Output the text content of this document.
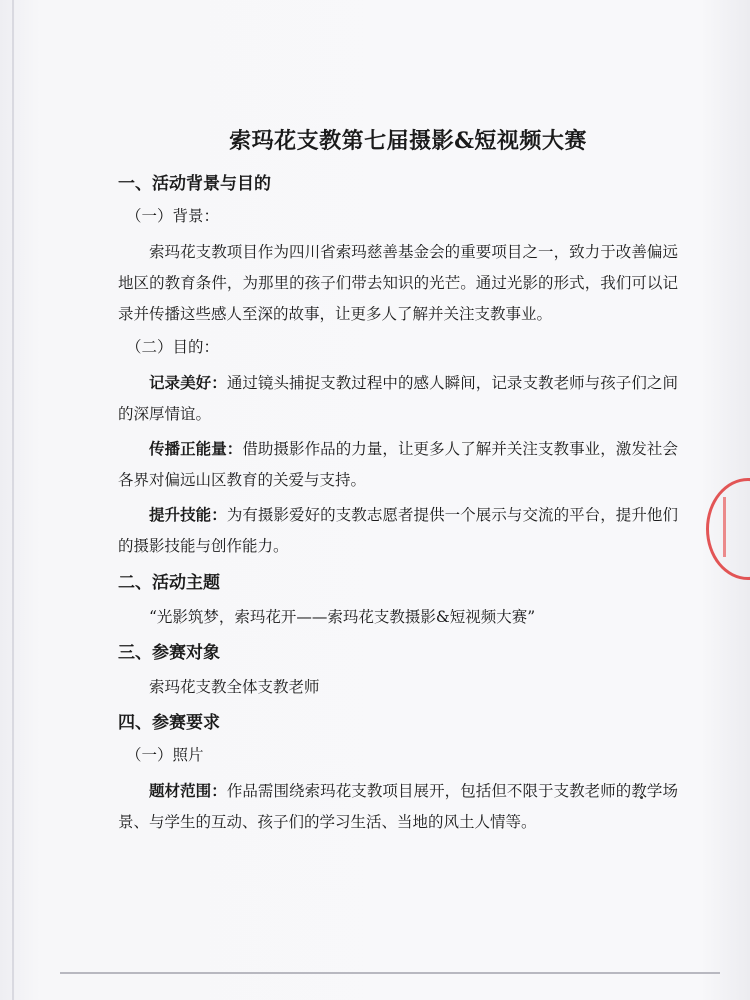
索玛花支教第七届摄影&短视频大赛
一、活动背景与目的
（一）背景：

索玛花支教项目作为四川省索玛慈善基金会的重要项目之一，致力于改善偏远地区的教育条件，为那里的孩子们带去知识的光芒。通过光影的形式，我们可以记录并传播这些感人至深的故事，让更多人了解并关注支教事业。

（二）目的：

记录美好：通过镜头捕捉支教过程中的感人瞬间，记录支教老师与孩子们之间的深厚情谊。

传播正能量：借助摄影作品的力量，让更多人了解并关注支教事业，激发社会各界对偏远山区教育的关爱与支持。

提升技能：为有摄影爱好的支教志愿者提供一个展示与交流的平台，提升他们的摄影技能与创作能力。

二、活动主题

“光影筑梦，索玛花开——索玛花支教摄影&短视频大赛”

三、参赛对象

索玛花支教全体支教老师

四、参赛要求
（一）照片

题材范围：作品需围绕索玛花支教项目展开，包括但不限于支教老师的教学场景、与学生的互动、孩子们的学习生活、当地的风土人情等。
